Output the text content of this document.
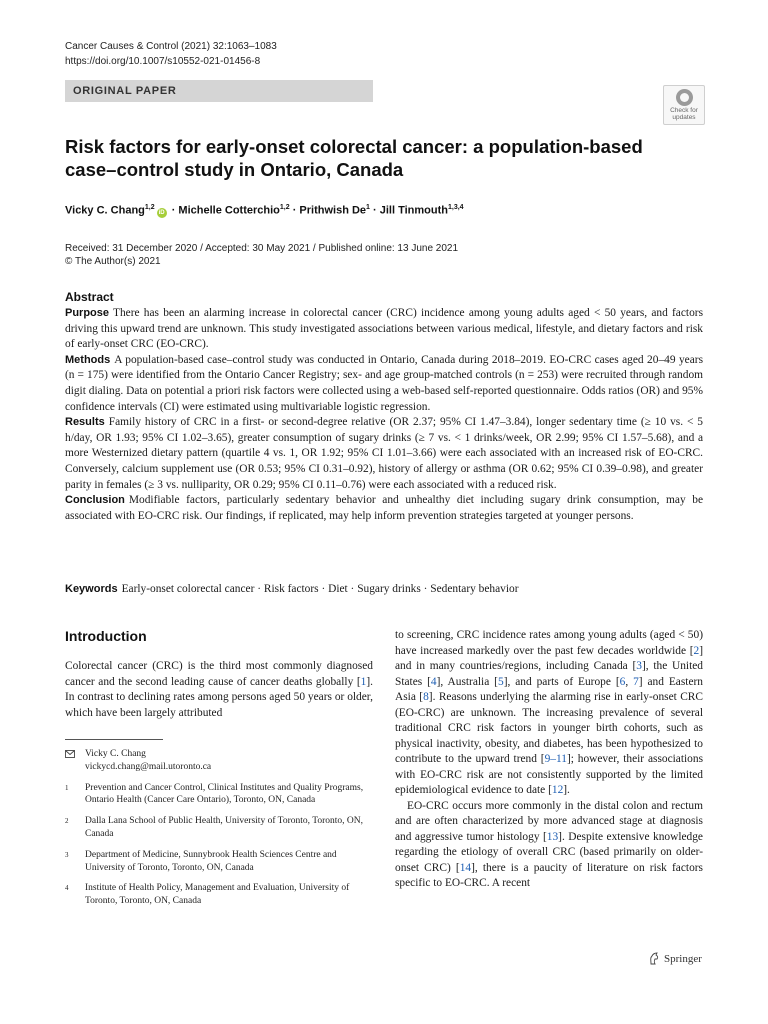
Cancer Causes & Control (2021) 32:1063–1083
https://doi.org/10.1007/s10552-021-01456-8
ORIGINAL PAPER
Check for
updates
Risk factors for early-onset colorectal cancer: a population-based case–control study in Ontario, Canada
Vicky C. Chang$^{1,2}$iD · Michelle Cotterchio$^{1,2}$ · Prithwish $De^1$ · Jill Tinmouth$^{1,3,4}$
Received: 31 December 2020 / Accepted: 30 May 2021 / Published online: 13 June 2021
© The Author(s) 2021
Abstract

Purpose There has been an alarming increase in colorectal cancer (CRC) incidence among young adults aged < 50 years, and factors driving this upward trend are unknown. This study investigated associations between various medical, lifestyle, and dietary factors and risk of early-onset CRC (EO-CRC).

Methods A population-based case–control study was conducted in Ontario, Canada during 2018–2019. EO-CRC cases aged 20–49 years (n = 175) were identified from the Ontario Cancer Registry; sex- and age group-matched controls (n = 253) were recruited through random digit dialing. Data on potential a priori risk factors were collected using a web-based self-reported questionnaire. Odds ratios (OR) and 95% confidence intervals (CI) were estimated using multivariable logistic regression.

Results Family history of CRC in a first- or second-degree relative (OR 2.37; 95% CI 1.47–3.84), longer sedentary time (≥ 10 vs. < 5 h/day, OR 1.93; 95% CI 1.02–3.65), greater consumption of sugary drinks (≥ 7 vs. < 1 drinks/week, OR 2.99; 95% CI 1.57–5.68), and a more Westernized dietary pattern (quartile 4 vs. 1, OR 1.92; 95% CI 1.01–3.66) were each associated with an increased risk of EO-CRC. Conversely, calcium supplement use (OR 0.53; 95% CI 0.31–0.92), history of allergy or asthma (OR 0.62; 95% CI 0.39–0.98), and greater parity in females (≥ 3 vs. nulliparity, OR 0.29; 95% CI 0.11–0.76) were each associated with a reduced risk.

Conclusion Modifiable factors, particularly sedentary behavior and unhealthy diet including sugary drink consumption, may be associated with EO-CRC risk. Our findings, if replicated, may help inform prevention strategies targeted at younger persons.

Keywords Early-onset colorectal cancer · Risk factors · Diet · Sugary drinks · Sedentary behavior
Introduction

Colorectal cancer (CRC) is the third most commonly diagnosed cancer and the second leading cause of cancer deaths globally [1]. In contrast to declining rates among persons aged 50 years or older, which have been largely attributed

Vicky C. Chang
vickycd.chang@mail.utoronto.ca
1	Prevention and Cancer Control, Clinical Institutes and Quality Programs, Ontario Health (Cancer Care Ontario), Toronto, ON, Canada
2	Dalla Lana School of Public Health, University of Toronto, Toronto, ON, Canada
3	Department of Medicine, Sunnybrook Health Sciences Centre and University of Toronto, Toronto, ON, Canada
4	Institute of Health Policy, Management and Evaluation, University of Toronto, Toronto, ON, Canada

to screening, CRC incidence rates among young adults (aged < 50) have increased markedly over the past few decades worldwide [2] and in many countries/regions, including Canada [3], the United States [4], Australia [5], and parts of Europe [6, 7] and Eastern Asia [8]. Reasons underlying the alarming rise in early-onset CRC (EO-CRC) are unknown. The increasing prevalence of several traditional CRC risk factors in younger birth cohorts, such as physical inactivity, obesity, and diabetes, has been hypothesized to contribute to the upward trend [9–11]; however, their associations with EO-CRC risk are not consistently supported by the limited epidemiological evidence to date [12].

EO-CRC occurs more commonly in the distal colon and rectum and are often characterized by more advanced stage at diagnosis and aggressive tumor histology [13]. Despite extensive knowledge regarding the etiology of overall CRC (based primarily on older-onset CRC) [14], there is a paucity of literature on risk factors specific to EO-CRC. A recent

Springer
